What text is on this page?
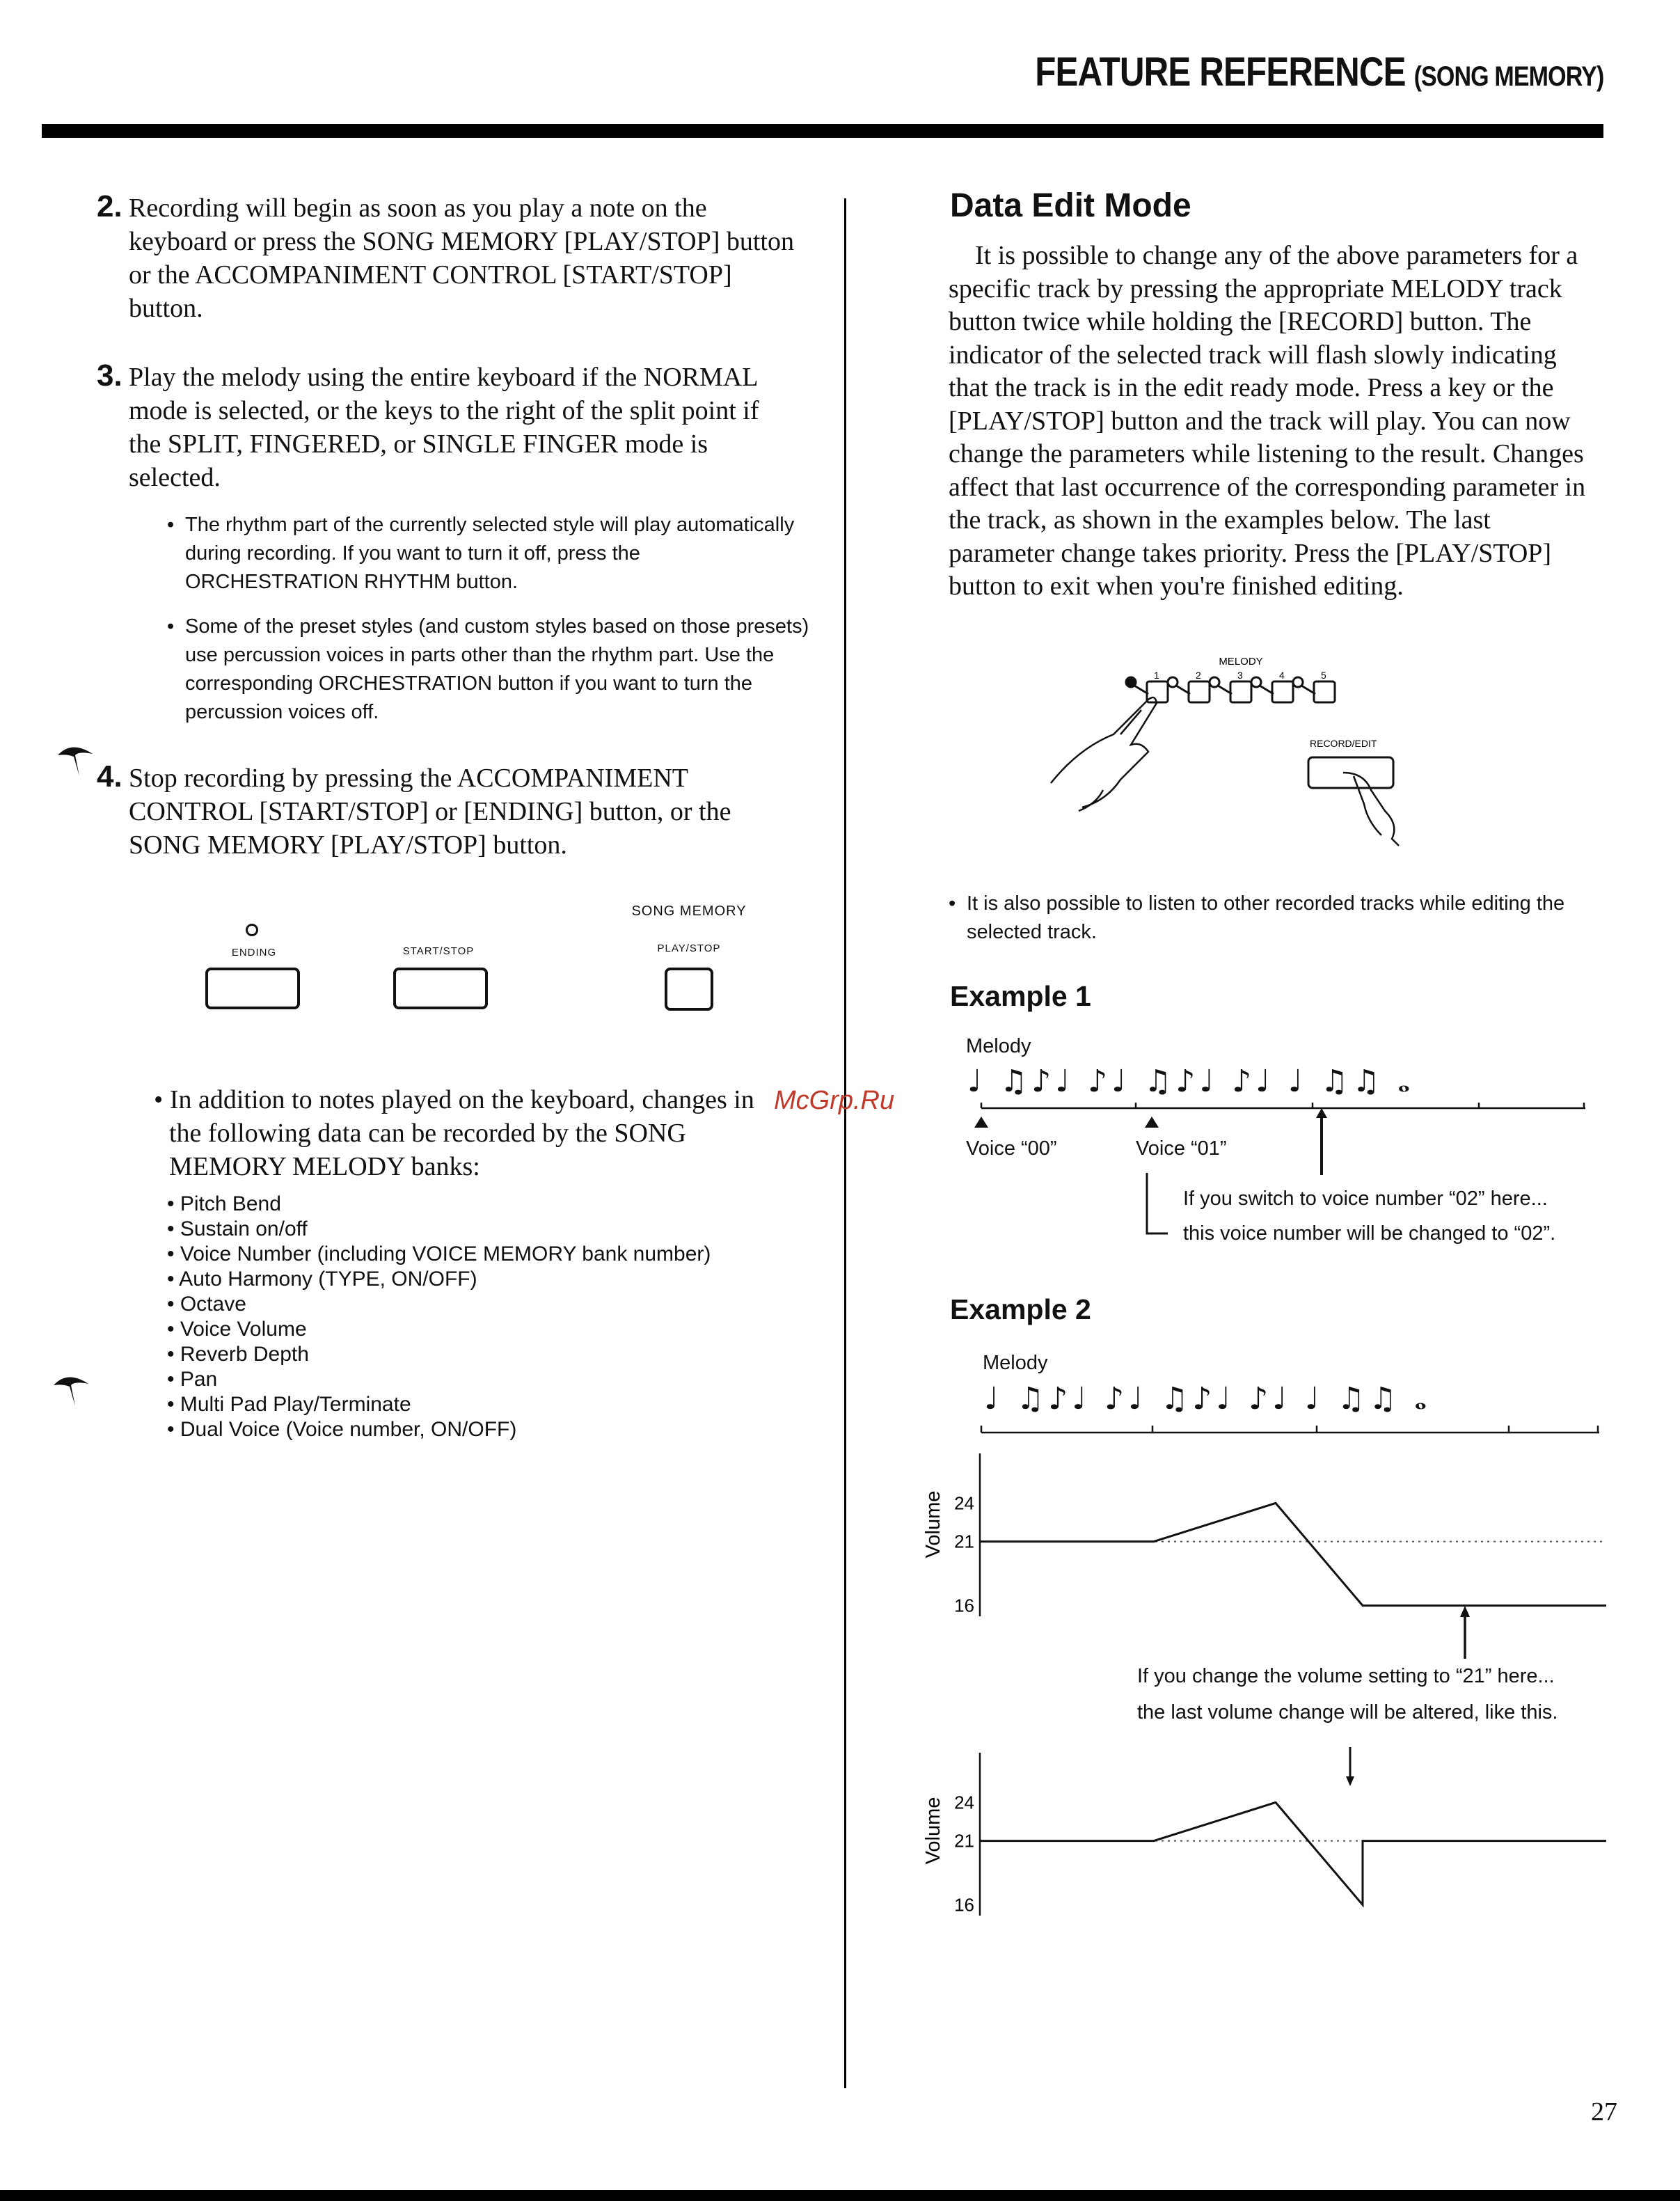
FEATURE REFERENCE (SONG MEMORY)
2. Recording will begin as soon as you play a note on the keyboard or press the SONG MEMORY [PLAY/STOP] button or the ACCOMPANIMENT CONTROL [START/STOP] button.
3. Play the melody using the entire keyboard if the NORMAL mode is selected, or the keys to the right of the split point if the SPLIT, FINGERED, or SINGLE FINGER mode is selected.
• The rhythm part of the currently selected style will play automatically during recording. If you want to turn it off, press the ORCHESTRATION RHYTHM button.
• Some of the preset styles (and custom styles based on those presets) use percussion voices in parts other than the rhythm part. Use the corresponding ORCHESTRATION button if you want to turn the percussion voices off.
4. Stop recording by pressing the ACCOMPANIMENT CONTROL [START/STOP] or [ENDING] button, or the SONG MEMORY [PLAY/STOP] button.
ENDING	START/STOP
SONG MEMORY
PLAY/STOP
• In addition to notes played on the keyboard, changes in the following data can be recorded by the SONG MEMORY MELODY banks:
• Pitch Bend
• Sustain on/off
• Voice Number (including VOICE MEMORY bank number)
• Auto Harmony (TYPE, ON/OFF)
• Octave
• Voice Volume
• Reverb Depth
• Pan
• Multi Pad Play/Terminate
• Dual Voice (Voice number, ON/OFF)
Data Edit Mode
It is possible to change any of the above parameters for a specific track by pressing the appropriate MELODY track button twice while holding the [RECORD] button. The indicator of the selected track will flash slowly indicating that the track is in the edit ready mode. Press a key or the [PLAY/STOP] button and the track will play. You can now change the parameters while listening to the result. Changes affect that last occurrence of the corresponding parameter in the track, as shown in the examples below. The last parameter change takes priority. Press the [PLAY/STOP] button to exit when you're finished editing.
MELODY
1	2	3	4	5
RECORD/EDIT
• It is also possible to listen to other recorded tracks while editing the selected track.
Example 1
Melody
♩ ♫♪♩ ♪♩ ♫♪♩ ♪♩ ♩ ♫♫ 𝅝
Voice “00”	Voice “01”
If you switch to voice number “02” here...
this voice number will be changed to “02”.
Example 2
Melody
♩ ♫♪♩ ♪♩ ♫♪♩ ♪♩ ♩ ♫♫ 𝅝
Volume 24
21
16
If you change the volume setting to “21” here...
the last volume change will be altered, like this.
Volume 24
21
16
27
McGrp.Ru
